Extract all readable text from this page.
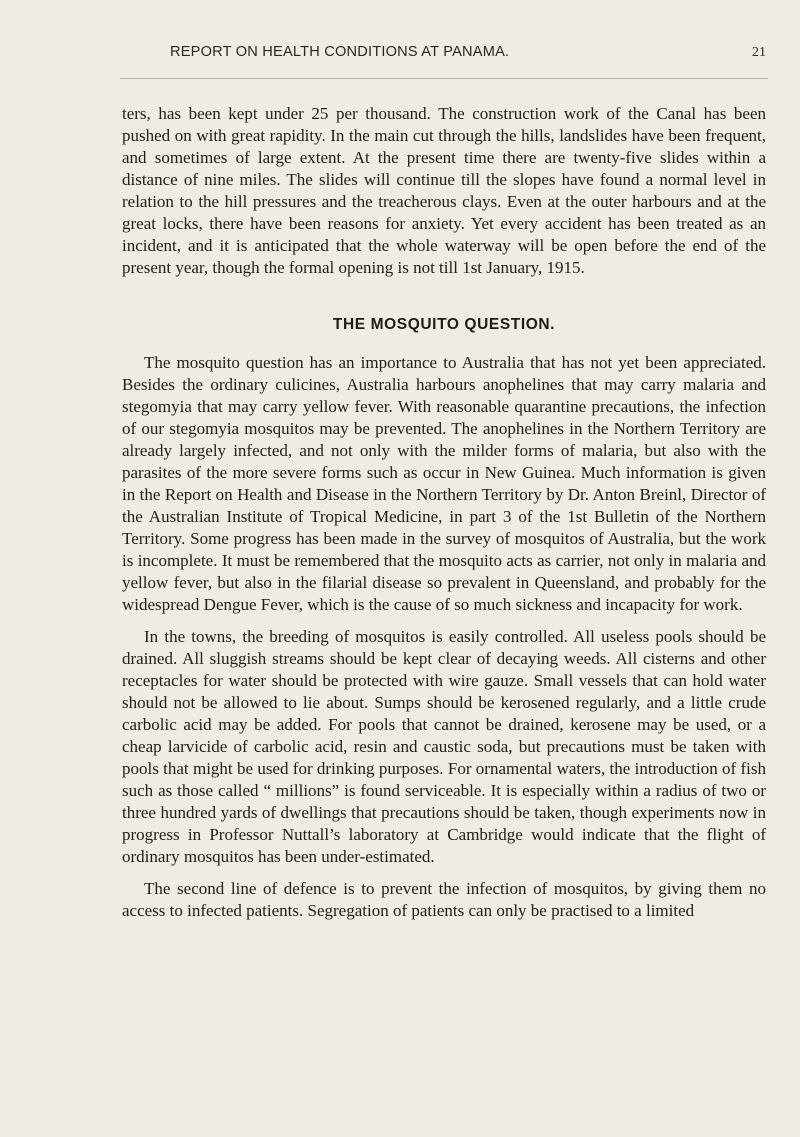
REPORT ON HEALTH CONDITIONS AT PANAMA.	21

ters, has been kept under 25 per thousand. The construction work of the Canal has been pushed on with great rapidity. In the main cut through the hills, landslides have been frequent, and sometimes of large extent. At the present time there are twenty-five slides within a distance of nine miles. The slides will continue till the slopes have found a normal level in relation to the hill pressures and the treacherous clays. Even at the outer harbours and at the great locks, there have been reasons for anxiety. Yet every accident has been treated as an incident, and it is anticipated that the whole waterway will be open before the end of the present year, though the formal opening is not till 1st January, 1915.

THE MOSQUITO QUESTION.

The mosquito question has an importance to Australia that has not yet been appreciated. Besides the ordinary culicines, Australia harbours anophelines that may carry malaria and stegomyia that may carry yellow fever. With reasonable quarantine precautions, the infection of our stegomyia mosquitos may be prevented. The anophelines in the Northern Territory are already largely infected, and not only with the milder forms of malaria, but also with the parasites of the more severe forms such as occur in New Guinea. Much information is given in the Report on Health and Disease in the Northern Territory by Dr. Anton Breinl, Director of the Australian Institute of Tropical Medicine, in part 3 of the 1st Bulletin of the Northern Territory. Some progress has been made in the survey of mosquitos of Australia, but the work is incomplete. It must be remembered that the mosquito acts as carrier, not only in malaria and yellow fever, but also in the filarial disease so prevalent in Queensland, and probably for the widespread Dengue Fever, which is the cause of so much sickness and incapacity for work.

In the towns, the breeding of mosquitos is easily controlled. All useless pools should be drained. All sluggish streams should be kept clear of decaying weeds. All cisterns and other receptacles for water should be protected with wire gauze. Small vessels that can hold water should not be allowed to lie about. Sumps should be kerosened regularly, and a little crude carbolic acid may be added. For pools that cannot be drained, kerosene may be used, or a cheap larvicide of carbolic acid, resin and caustic soda, but precautions must be taken with pools that might be used for drinking purposes. For ornamental waters, the introduction of fish such as those called “ millions” is found serviceable. It is especially within a radius of two or three hundred yards of dwellings that precautions should be taken, though experiments now in progress in Professor Nuttall’s laboratory at Cambridge would indicate that the flight of ordinary mosquitos has been under-estimated.

The second line of defence is to prevent the infection of mosquitos, by giving them no access to infected patients. Segregation of patients can only be practised to a limited
